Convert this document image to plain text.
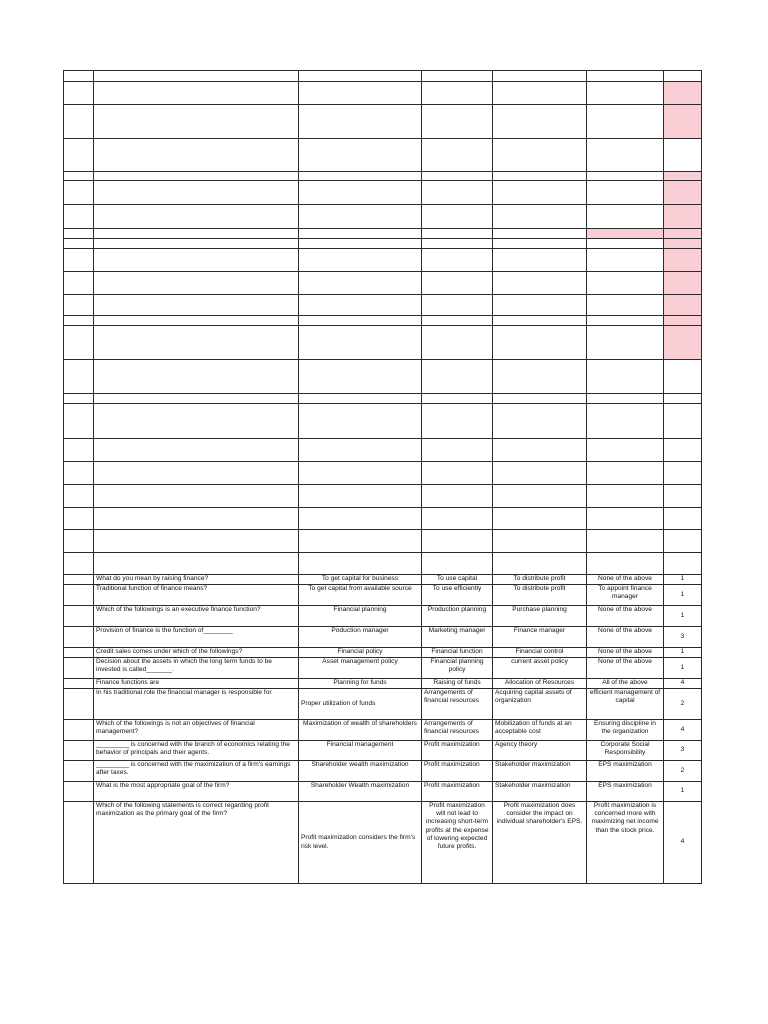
	What do you mean by raising finance?	To get capital for business	To use capital	To distribute profit	None of the above	1
	Traditional function of finance means?	To get capital from available source	To use efficiently	To distribute profit	To appoint finance manager	1
	Which of the followings is an executive finance function?	Financial planning	Production planning	Purchase planning	None of the above	1
	Provision of finance is the function of________	Poduction manager	Marketing manager	Finance manager	None of the above	3
	Credit sales comes under which of the followings?	Financial policy	Financial function	Financial control	None of the above	1
	Decision about the assets in which the long term funds to be invested is called_______.	Asset management policy	Financial planning policy	current asset policy	None of the above	1
	Finance functions are	Planning for funds	Raising of funds	Allocation of Resources	All of the above	4
	In his traditional role the financial manager is responsible for	Proper utilization of funds	Arrangements of financial resources	Acquiring capital assets of organization	efficient management of capital	2
	Which of the followings is not an objectives of financial management?	Maximization of wealth of shareholders	Arrangements of financial resources	Mobilization of funds at an acceptable cost	Ensuring discipline in the organization	4
	_________ is concerned with the branch of economics relating the behavior of principals and their agents.	Financial management	Profit maximization	Agency theory	Corporate Social Responsibility	3
	_________ is concerned with the maximization of a firm's earnings after taxes.	Shareholder wealth maximization	Profit maximization	Stakeholder maximization	EPS maximization	2
	What is the most appropriate goal of the firm?	Shareholder Wealth maximization	Profit maximization	Stakeholder maximization	EPS maximization	1
	Which of the following statements is correct regarding profit maximization as the primary goal of the firm?	Profit maximization considers the firm's risk level.	Profit maximization will not lead to increasing short-term profits at the expense of lowering expected future profits.	Profit maximization does consider the impact on individual shareholder's EPS.	Profit maximization is concerned more with maximizing net income than the stock price.	4
